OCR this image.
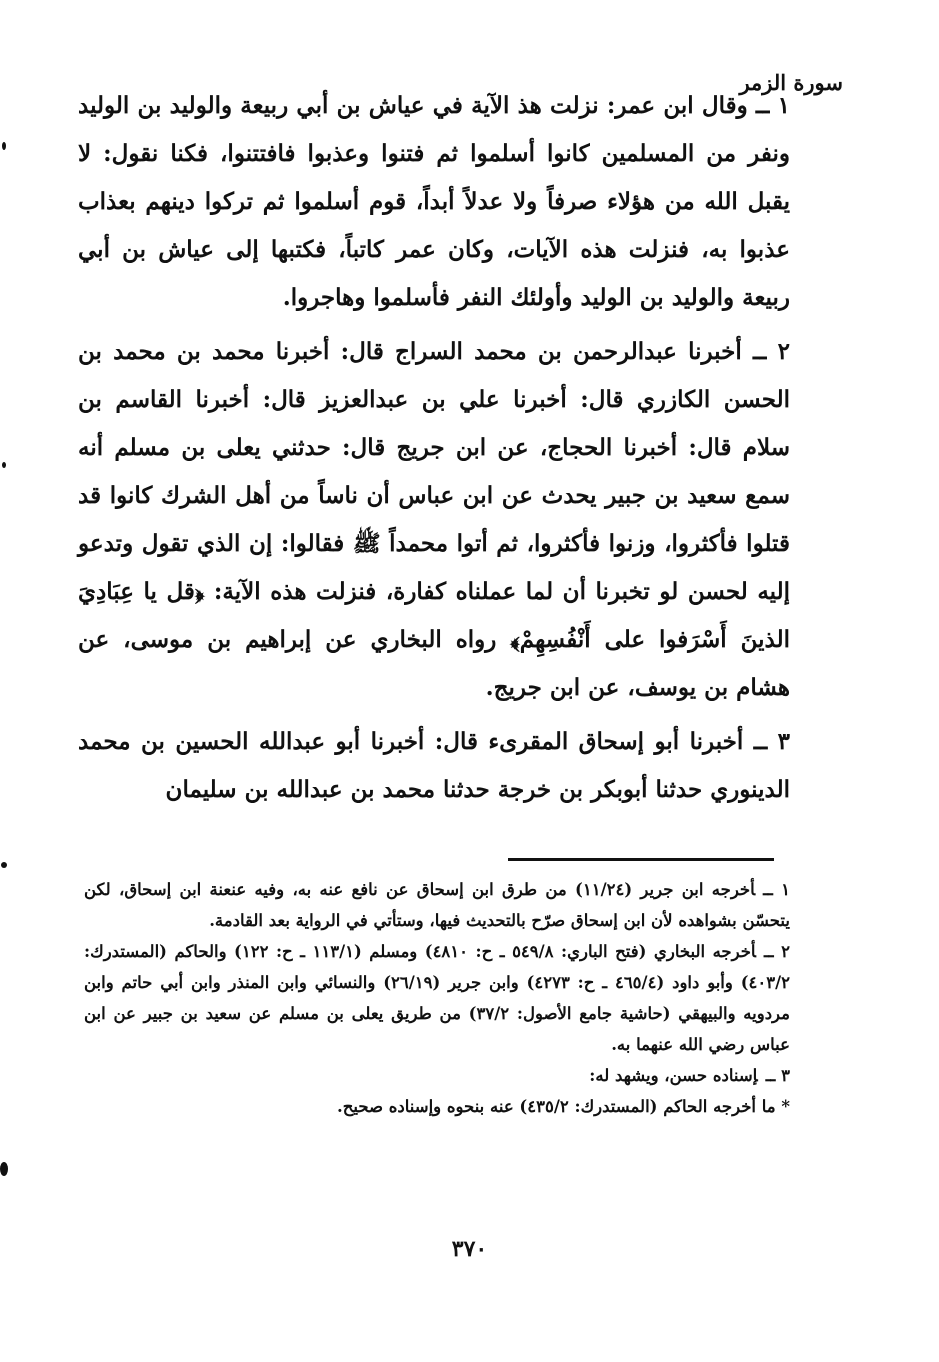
سورة الزمر

١ ــ وقال ابن عمر: نزلت هذ الآية في عياش بن أبي ربيعة والوليد بن الوليد ونفر من المسلمين كانوا أسلموا ثم فتنوا وعذبوا فافتتنوا، فكنا نقول: لا يقبل الله من هؤلاء صرفاً ولا عدلاً أبداً، قوم أسلموا ثم تركوا دينهم بعذاب عذبوا به، فنزلت هذه الآيات، وكان عمر كاتباً، فكتبها إلى عياش بن أبي ربيعة والوليد بن الوليد وأولئك النفر فأسلموا وهاجروا.

٢ ــ أخبرنا عبدالرحمن بن محمد السراج قال: أخبرنا محمد بن محمد بن الحسن الكازري قال: أخبرنا علي بن عبدالعزيز قال: أخبرنا القاسم بن سلام قال: أخبرنا الحجاج، عن ابن جريج قال: حدثني يعلى بن مسلم أنه سمع سعيد بن جبير يحدث عن ابن عباس أن ناساً من أهل الشرك كانوا قد قتلوا فأكثروا، وزنوا فأكثروا، ثم أتوا محمداً ﷺ فقالوا: إن الذي تقول وتدعو إليه لحسن لو تخبرنا أن لما عملناه كفارة، فنزلت هذه الآية: ﴿قل يا عِبَادِيَ الذينَ أَسْرَفوا على أَنْفُسِهِمْ﴾ رواه البخاري عن إبراهيم بن موسى، عن هشام بن يوسف، عن ابن جريج.

٣ ــ أخبرنا أبو إسحاق المقرىء قال: أخبرنا أبو عبدالله الحسين بن محمد الدينوري حدثنا أبوبكر بن خرجة حدثنا محمد بن عبدالله بن سليمان

١ ــأخرجه ابن جرير (١١/٢٤) من طرق ابن إسحاق عن نافع عنه به، وفيه عنعنة ابن إسحاق، لكن يتحسّن بشواهده لأن ابن إسحاق صرّح بالتحديث فيها، وستأتي في الرواية بعد القادمة.

٢ ــأخرجه البخاري (فتح الباري: ٥٤٩/٨ ـ ح: ٤٨١٠) ومسلم (١١٣/١ ـ ح: ١٢٢) والحاكم (المستدرك: ٤٠٣/٢) وأبو داود (٤٦٥/٤ ـ ح: ٤٢٧٣) وابن جرير (٢٦/١٩) والنسائي وابن المنذر وابن أبي حاتم وابن مردويه والبيهقي (حاشية جامع الأصول: ٣٧/٢) من طريق يعلى بن مسلم عن سعيد بن جبير عن ابن عباس رضي الله عنهما به.

٣ ــإسناده حسن، ويشهد له:

* ما أخرجه الحاكم (المستدرك: ٤٣٥/٢) عنه بنحوه وإسناده صحيح.

٣٧٠
